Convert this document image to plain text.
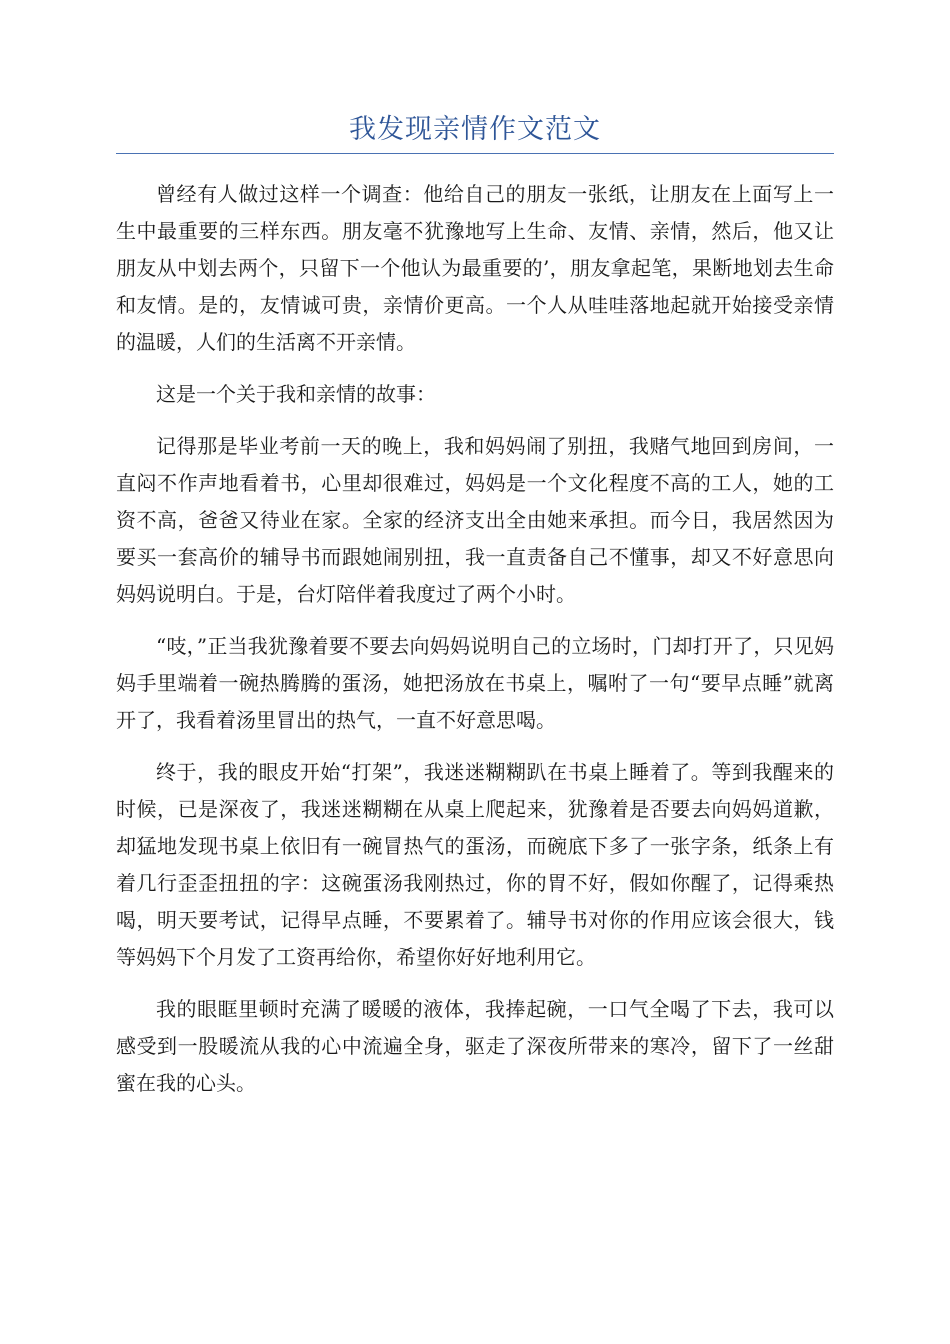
我发现亲情作文范文

曾经有人做过这样一个调查：他给自己的朋友一张纸，让朋友在上面写上一生中最重要的三样东西。朋友毫不犹豫地写上生命、友情、亲情，然后，他又让朋友从中划去两个，只留下一个他认为最重要的’，朋友拿起笔，果断地划去生命和友情。是的，友情诚可贵，亲情价更高。一个人从哇哇落地起就开始接受亲情的温暖，人们的生活离不开亲情。

这是一个关于我和亲情的故事：

记得那是毕业考前一天的晚上，我和妈妈闹了别扭，我赌气地回到房间，一直闷不作声地看着书，心里却很难过，妈妈是一个文化程度不高的工人，她的工资不高，爸爸又待业在家。全家的经济支出全由她来承担。而今日，我居然因为要买一套高价的辅导书而跟她闹别扭，我一直责备自己不懂事，却又不好意思向妈妈说明白。于是，台灯陪伴着我度过了两个小时。

“吱，”正当我犹豫着要不要去向妈妈说明自己的立场时，门却打开了，只见妈妈手里端着一碗热腾腾的蛋汤，她把汤放在书桌上，嘱咐了一句“要早点睡”就离开了，我看着汤里冒出的热气，一直不好意思喝。

终于，我的眼皮开始“打架”，我迷迷糊糊趴在书桌上睡着了。等到我醒来的时候，已是深夜了，我迷迷糊糊在从桌上爬起来，犹豫着是否要去向妈妈道歉，却猛地发现书桌上依旧有一碗冒热气的蛋汤，而碗底下多了一张字条，纸条上有着几行歪歪扭扭的字：这碗蛋汤我刚热过，你的胃不好，假如你醒了，记得乘热喝，明天要考试，记得早点睡，不要累着了。辅导书对你的作用应该会很大，钱等妈妈下个月发了工资再给你，希望你好好地利用它。

我的眼眶里顿时充满了暖暖的液体，我捧起碗，一口气全喝了下去，我可以感受到一股暖流从我的心中流遍全身，驱走了深夜所带来的寒冷，留下了一丝甜蜜在我的心头。
